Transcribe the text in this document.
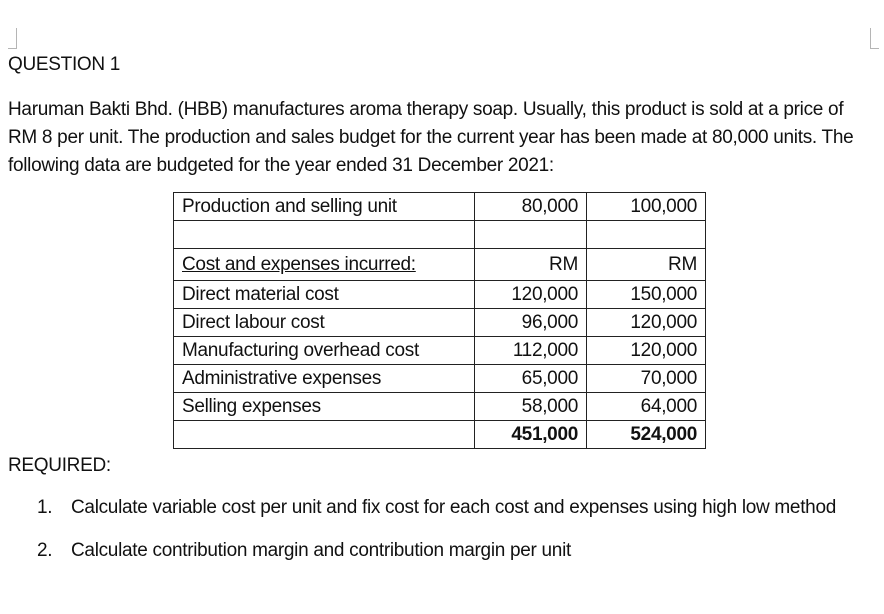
QUESTION 1

Haruman Bakti Bhd. (HBB) manufactures aroma therapy soap. Usually, this product is sold at a price of RM 8 per unit. The production and sales budget for the current year has been made at 80,000 units. The following data are budgeted for the year ended 31 December 2021:

Production and selling unit	80,000	100,000

Cost and expenses incurred:	RM	RM
Direct material cost	120,000	150,000
Direct labour cost	96,000	120,000
Manufacturing overhead cost	112,000	120,000
Administrative expenses	65,000	70,000
Selling expenses	58,000	64,000
	451,000	524,000
REQUIRED:
1. Calculate variable cost per unit and fix cost for each cost and expenses using high low method
2. Calculate contribution margin and contribution margin per unit
